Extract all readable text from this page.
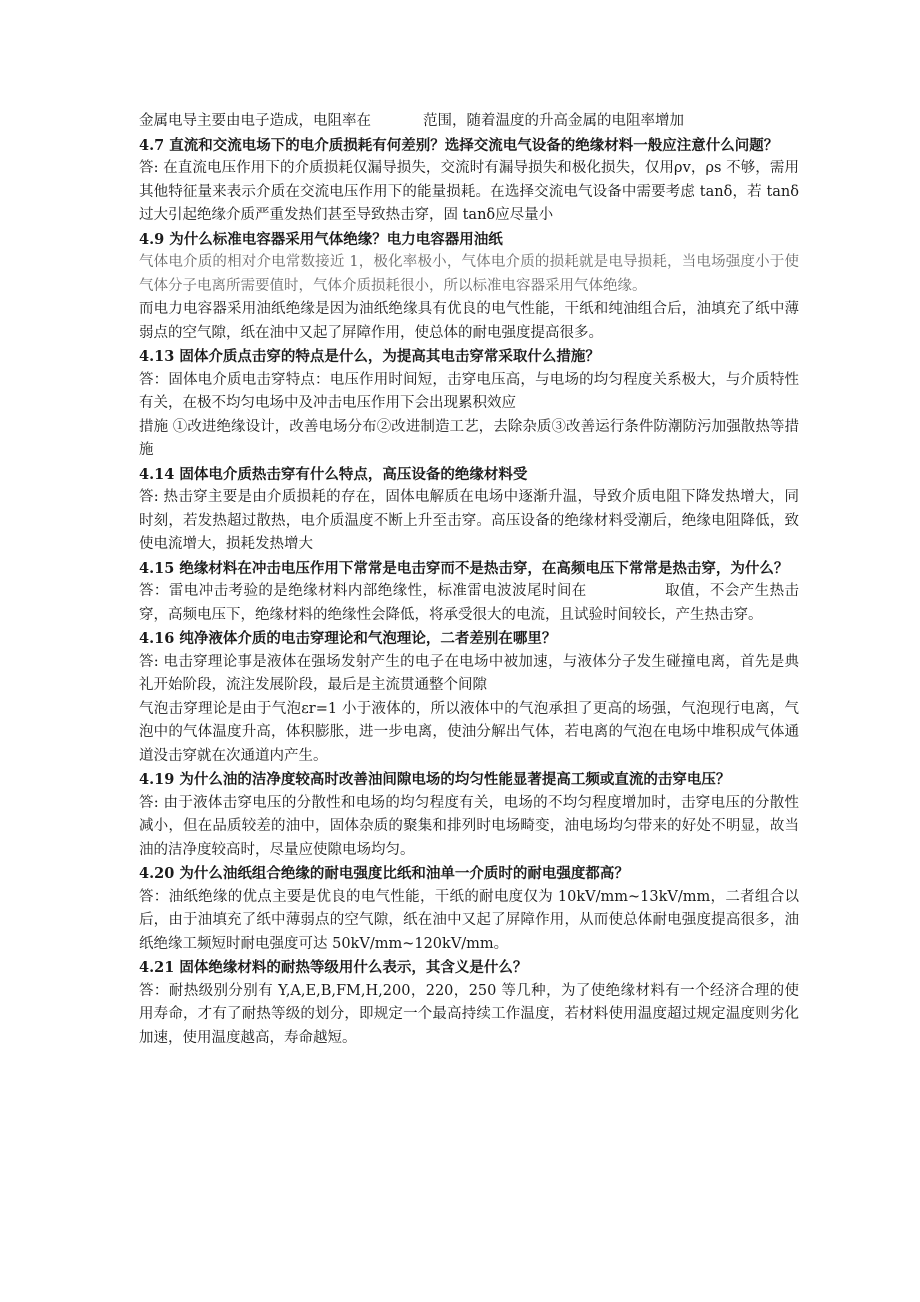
金属电导主要由电子造成，电阻率在	范围，随着温度的升高金属的电阻率增加

4.7 直流和交流电场下的电介质损耗有何差别？选择交流电气设备的绝缘材料一般应注意什么问题？

答: 在直流电压作用下的介质损耗仅漏导损失，交流时有漏导损失和极化损失，仅用ρv，ρs 不够，需用其他特征量来表示介质在交流电压作用下的能量损耗。在选择交流电气设备中需要考虑 tanδ，若 tanδ过大引起绝缘介质严重发热们甚至导致热击穿，固 tanδ应尽量小

4.9 为什么标准电容器采用气体绝缘？电力电容器用油纸

气体电介质的相对介电常数接近 1，极化率极小，气体电介质的损耗就是电导损耗，当电场强度小于使气体分子电离所需要值时，气体介质损耗很小，所以标准电容器采用气体绝缘。

而电力电容器采用油纸绝缘是因为油纸绝缘具有优良的电气性能，干纸和纯油组合后，油填充了纸中薄弱点的空气隙，纸在油中又起了屏障作用，使总体的耐电强度提高很多。

4.13 固体介质点击穿的特点是什么，为提高其电击穿常采取什么措施？

答：固体电介质电击穿特点：电压作用时间短，击穿电压高，与电场的均匀程度关系极大，与介质特性有关，在极不均匀电场中及冲击电压作用下会出现累积效应

措施 ①改进绝缘设计，改善电场分布②改进制造工艺，去除杂质③改善运行条件防潮防污加强散热等措施

4.14 固体电介质热击穿有什么特点，高压设备的绝缘材料受

答: 热击穿主要是由介质损耗的存在，固体电解质在电场中逐渐升温，导致介质电阻下降发热增大，同时刻，若发热超过散热，电介质温度不断上升至击穿。高压设备的绝缘材料受潮后，绝缘电阻降低，致使电流增大，损耗发热增大

4.15 绝缘材料在冲击电压作用下常常是电击穿而不是热击穿，在高频电压下常常是热击穿，为什么？

答：雷电冲击考验的是绝缘材料内部绝缘性，标准雷电波波尾时间在	取值，不会产生热击穿，高频电压下，绝缘材料的绝缘性会降低，将承受很大的电流，且试验时间较长，产生热击穿。

4.16 纯净液体介质的电击穿理论和气泡理论，二者差别在哪里？

答: 电击穿理论事是液体在强场发射产生的电子在电场中被加速，与液体分子发生碰撞电离，首先是典礼开始阶段，流注发展阶段，最后是主流贯通整个间隙

气泡击穿理论是由于气泡εr=1 小于液体的，所以液体中的气泡承担了更高的场强，气泡现行电离，气泡中的气体温度升高，体积膨胀，进一步电离，使油分解出气体，若电离的气泡在电场中堆积成气体通道没击穿就在次通道内产生。

4.19 为什么油的洁净度较高时改善油间隙电场的均匀性能显著提高工频或直流的击穿电压？

答: 由于液体击穿电压的分散性和电场的均匀程度有关，电场的不均匀程度增加时，击穿电压的分散性减小，但在品质较差的油中，固体杂质的聚集和排列时电场畸变，油电场均匀带来的好处不明显，故当油的洁净度较高时，尽量应使隙电场均匀。

4.20 为什么油纸组合绝缘的耐电强度比纸和油单一介质时的耐电强度都高？

答：油纸绝缘的优点主要是优良的电气性能，干纸的耐电度仅为 10kV/mm~13kV/mm，二者组合以后，由于油填充了纸中薄弱点的空气隙，纸在油中又起了屏障作用，从而使总体耐电强度提高很多，油纸绝缘工频短时耐电强度可达 50kV/mm~120kV/mm。

4.21 固体绝缘材料的耐热等级用什么表示，其含义是什么？

答：耐热级别分别有 Y,A,E,B,FM,H,200，220，250 等几种，为了使绝缘材料有一个经济合理的使用寿命，才有了耐热等级的划分，即规定一个最高持续工作温度，若材料使用温度超过规定温度则劣化加速，使用温度越高，寿命越短。
